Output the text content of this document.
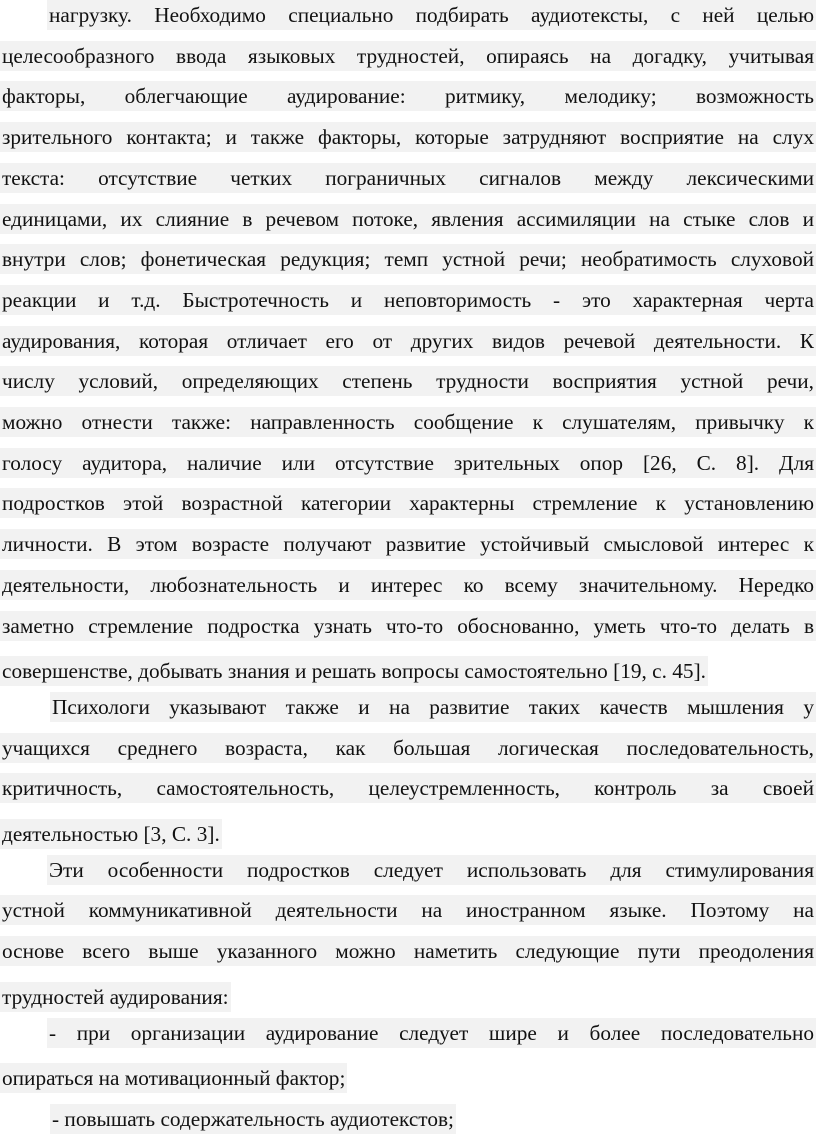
нагрузку. Необходимо специально подбирать аудиотексты, с ней целью
целесообразного ввода языковых трудностей, опираясь на догадку, учитывая
факторы, облегчающие аудирование: ритмику, мелодику; возможность
зрительного контакта; и также факторы, которые затрудняют восприятие на слух
текста: отсутствие четких пограничных сигналов между лексическими
единицами, их слияние в речевом потоке, явления ассимиляции на стыке слов и
внутри слов; фонетическая редукция; темп устной речи; необратимость слуховой
реакции и т.д. Быстротечность и неповторимость - это характерная черта
аудирования, которая отличает его от других видов речевой деятельности. К
числу условий, определяющих степень трудности восприятия устной речи,
можно отнести также: направленность сообщение к слушателям, привычку к
голосу аудитора, наличие или отсутствие зрительных опор [26, С. 8]. Для
подростков этой возрастной категории характерны стремление к установлению
личности. В этом возрасте получают развитие устойчивый смысловой интерес к
деятельности, любознательность и интерес ко всему значительному. Нередко
заметно стремление подростка узнать что-то обоснованно, уметь что-то делать в
совершенстве, добывать знания и решать вопросы самостоятельно [19, с. 45].
Психологи указывают также и на развитие таких качеств мышления у
учащихся среднего возраста, как большая логическая последовательность,
критичность, самостоятельность, целеустремленность, контроль за своей
деятельностью [3, С. 3].
Эти особенности подростков следует использовать для стимулирования
устной коммуникативной деятельности на иностранном языке. Поэтому на
основе всего выше указанного можно наметить следующие пути преодоления
трудностей аудирования:
- при организации аудирование следует шире и более последовательно
опираться на мотивационный фактор;
- повышать содержательность аудиотекстов;
